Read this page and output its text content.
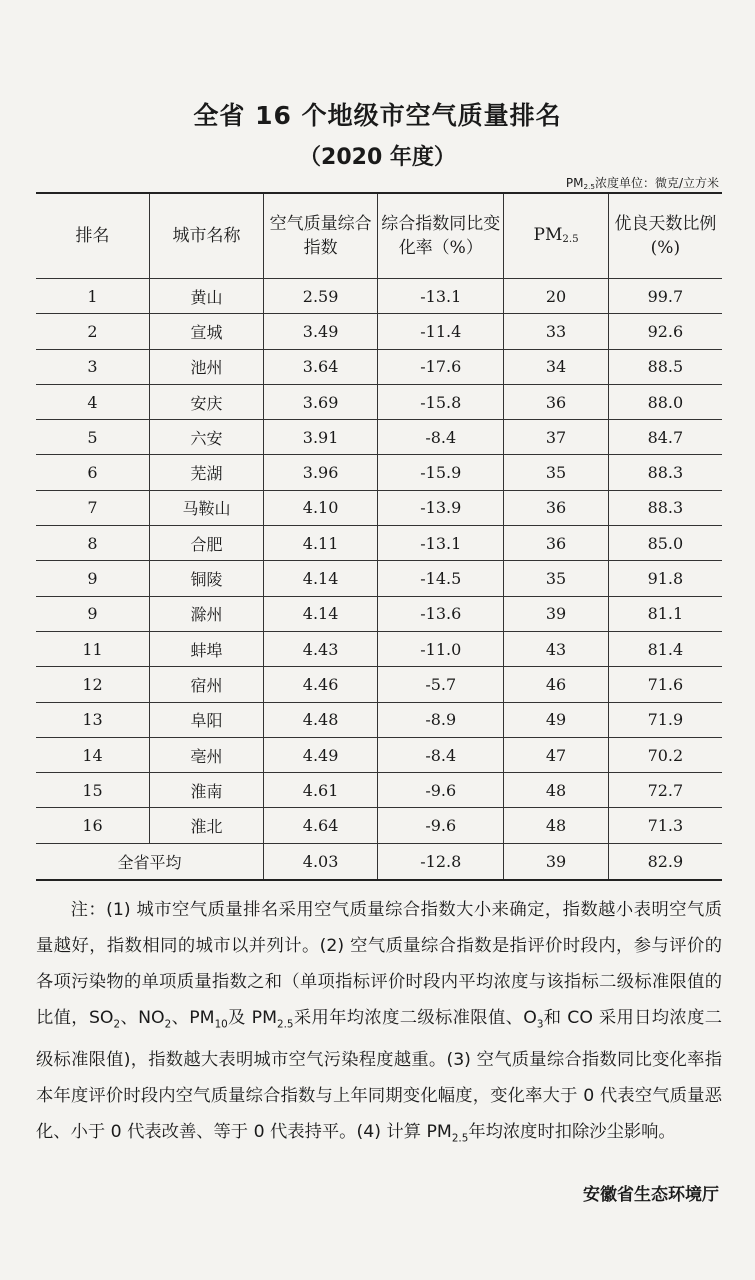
全省 16 个地级市空气质量排名
（2020 年度）
$PM_{2.5}$浓度单位：微克/立方米
排名	城市名称	空气质量综合指数	综合指数同比变化率（%）	$PM_{2.5}$	优良天数比例(%)
1	黄山	2.59	-13.1	20	99.7
2	宣城	3.49	-11.4	33	92.6
3	池州	3.64	-17.6	34	88.5
4	安庆	3.69	-15.8	36	88.0
5	六安	3.91	-8.4	37	84.7
6	芜湖	3.96	-15.9	35	88.3
7	马鞍山	4.10	-13.9	36	88.3
8	合肥	4.11	-13.1	36	85.0
9	铜陵	4.14	-14.5	35	91.8
9	滁州	4.14	-13.6	39	81.1
11	蚌埠	4.43	-11.0	43	81.4
12	宿州	4.46	-5.7	46	71.6
13	阜阳	4.48	-8.9	49	71.9
14	亳州	4.49	-8.4	47	70.2
15	淮南	4.61	-9.6	48	72.7
16	淮北	4.64	-9.6	48	71.3
全省平均		4.03	-12.8	39	82.9
注：(1) 城市空气质量排名采用空气质量综合指数大小来确定，指数越小表明空气质量越好，指数相同的城市以并列计。(2) 空气质量综合指数是指评价时段内，参与评价的各项污染物的单项质量指数之和（单项指标评价时段内平均浓度与该指标二级标准限值的比值，$SO_2$、$NO_2$、$PM_{10}$及 $PM_{2.5}$采用年均浓度二级标准限值、$O_3$和 CO 采用日均浓度二级标准限值)，指数越大表明城市空气污染程度越重。(3) 空气质量综合指数同比变化率指本年度评价时段内空气质量综合指数与上年同期变化幅度，变化率大于 0 代表空气质量恶化、小于 0 代表改善、等于 0 代表持平。(4) 计算 $PM_{2.5}$年均浓度时扣除沙尘影响。
安徽省生态环境厅
